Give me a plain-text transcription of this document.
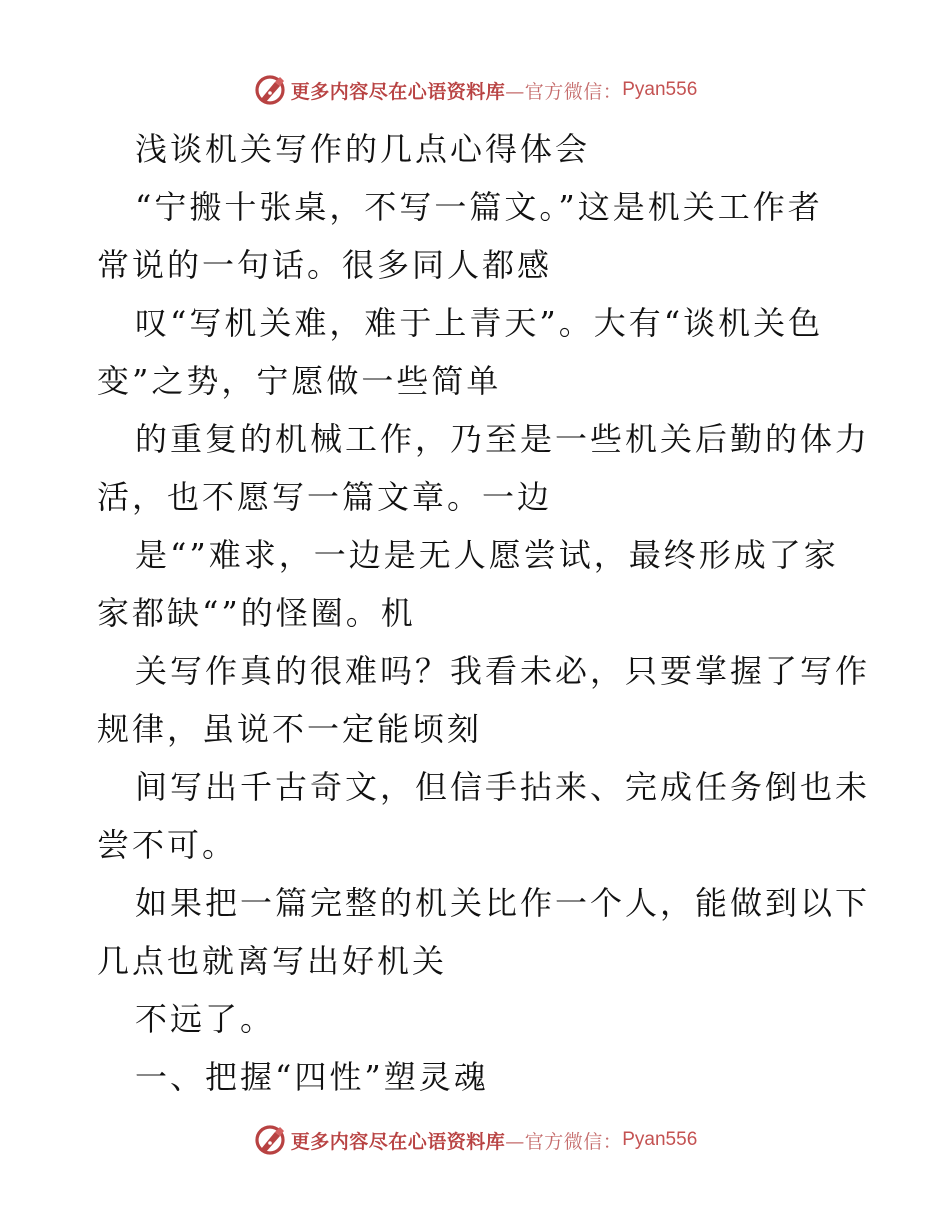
更多内容尽在心语资料库 —官方微信： Pyan556
浅谈机关写作的几点心得体会
“宁搬十张桌，不写一篇文。”这是机关工作者
常说的一句话。很多同人都感
叹“写机关难，难于上青天”。大有“谈机关色
变”之势，宁愿做一些简单
的重复的机械工作，乃至是一些机关后勤的体力
活，也不愿写一篇文章。一边
是“”难求，一边是无人愿尝试，最终形成了家
家都缺“”的怪圈。机
关写作真的很难吗？我看未必，只要掌握了写作
规律，虽说不一定能顷刻
间写出千古奇文，但信手拈来、完成任务倒也未
尝不可。
如果把一篇完整的机关比作一个人，能做到以下
几点也就离写出好机关
不远了。
一、把握“四性”塑灵魂
更多内容尽在心语资料库 —官方微信： Pyan556
